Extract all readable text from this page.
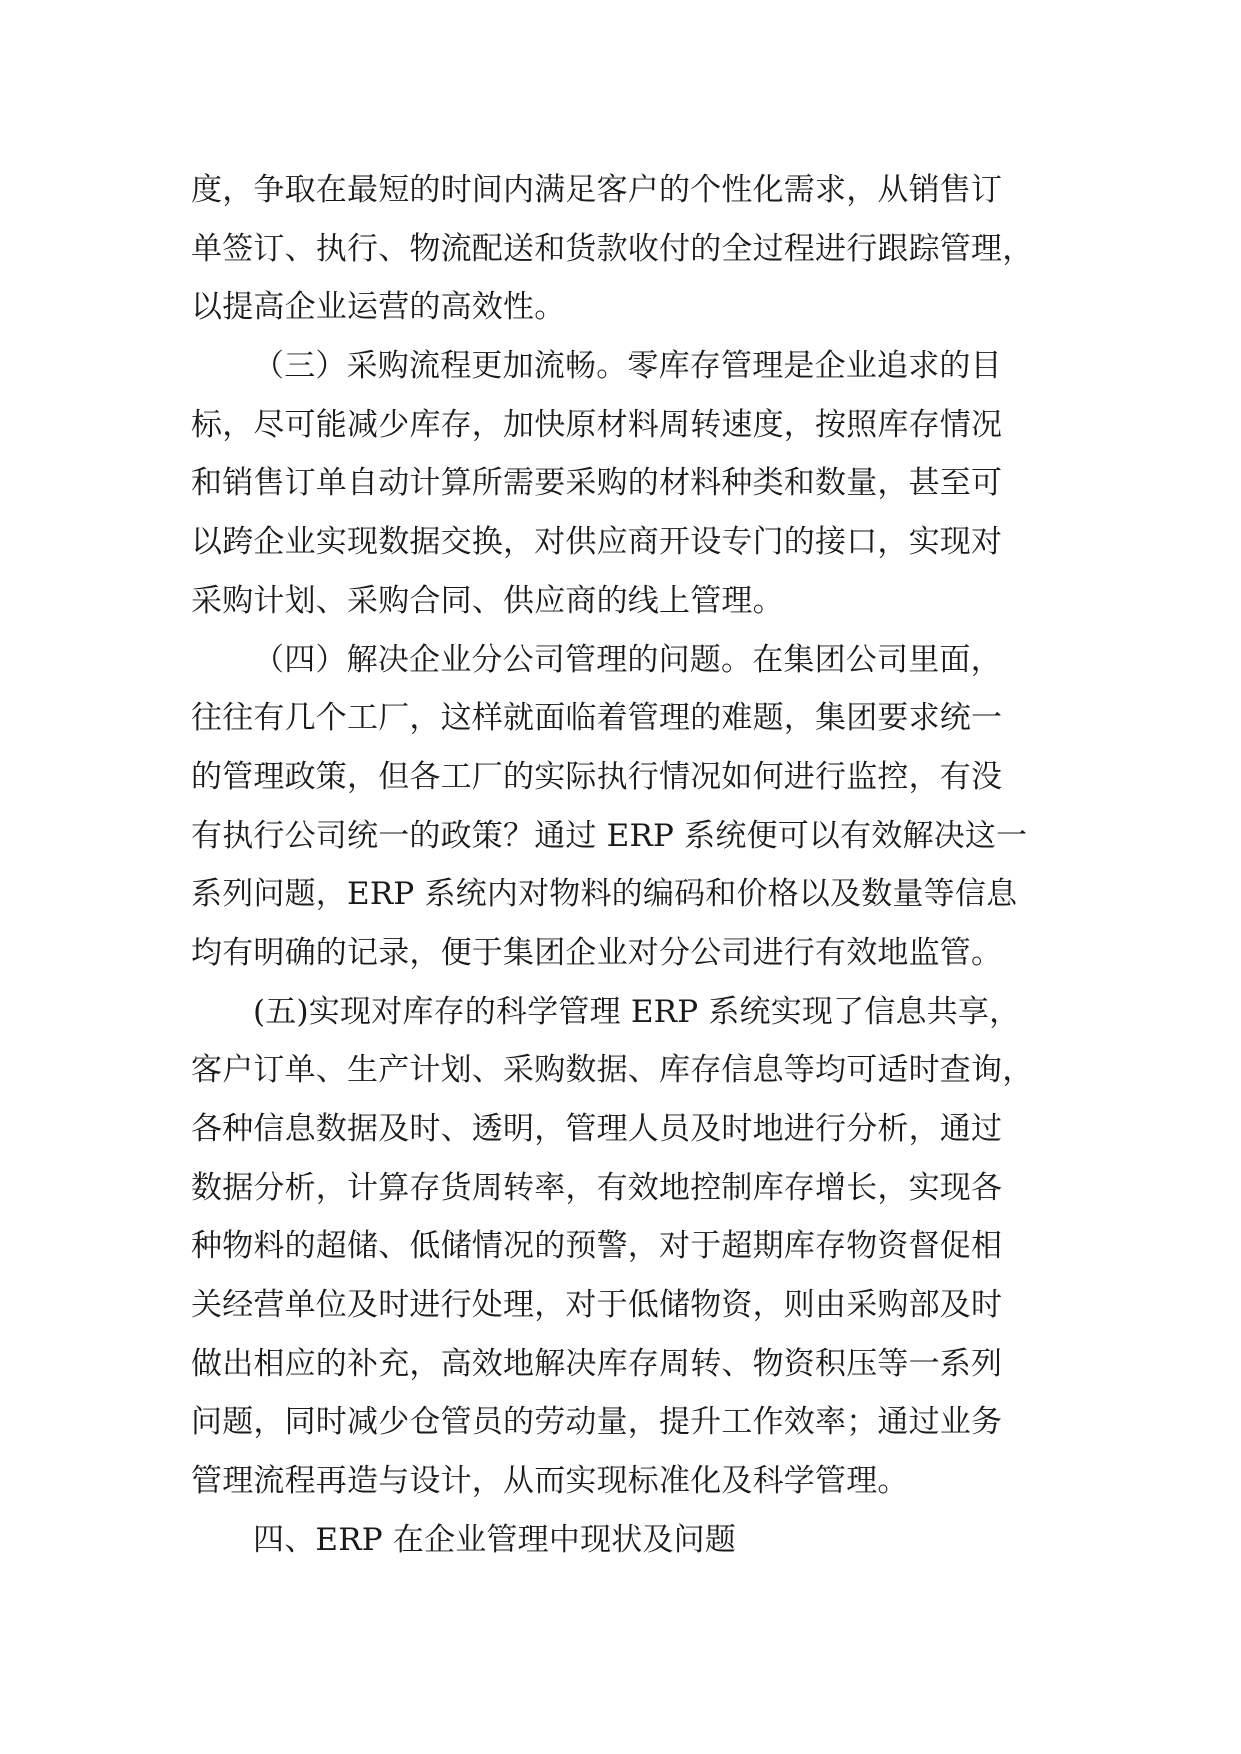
度，争取在最短的时间内满足客户的个性化需求，从销售订
单签订、执行、物流配送和货款收付的全过程进行跟踪管理，
以提高企业运营的高效性。
（三）采购流程更加流畅。零库存管理是企业追求的目
标，尽可能减少库存，加快原材料周转速度，按照库存情况
和销售订单自动计算所需要采购的材料种类和数量，甚至可
以跨企业实现数据交换，对供应商开设专门的接口，实现对
采购计划、采购合同、供应商的线上管理。
（四）解决企业分公司管理的问题。在集团公司里面，
往往有几个工厂，这样就面临着管理的难题，集团要求统一
的管理政策，但各工厂的实际执行情况如何进行监控，有没
有执行公司统一的政策？通过 ERP 系统便可以有效解决这一
系列问题，ERP 系统内对物料的编码和价格以及数量等信息
均有明确的记录，便于集团企业对分公司进行有效地监管。
(五)实现对库存的科学管理 ERP 系统实现了信息共享，
客户订单、生产计划、采购数据、库存信息等均可适时查询，
各种信息数据及时、透明，管理人员及时地进行分析，通过
数据分析，计算存货周转率，有效地控制库存增长，实现各
种物料的超储、低储情况的预警，对于超期库存物资督促相
关经营单位及时进行处理，对于低储物资，则由采购部及时
做出相应的补充，高效地解决库存周转、物资积压等一系列
问题，同时减少仓管员的劳动量，提升工作效率；通过业务
管理流程再造与设计，从而实现标准化及科学管理。
四、ERP 在企业管理中现状及问题
